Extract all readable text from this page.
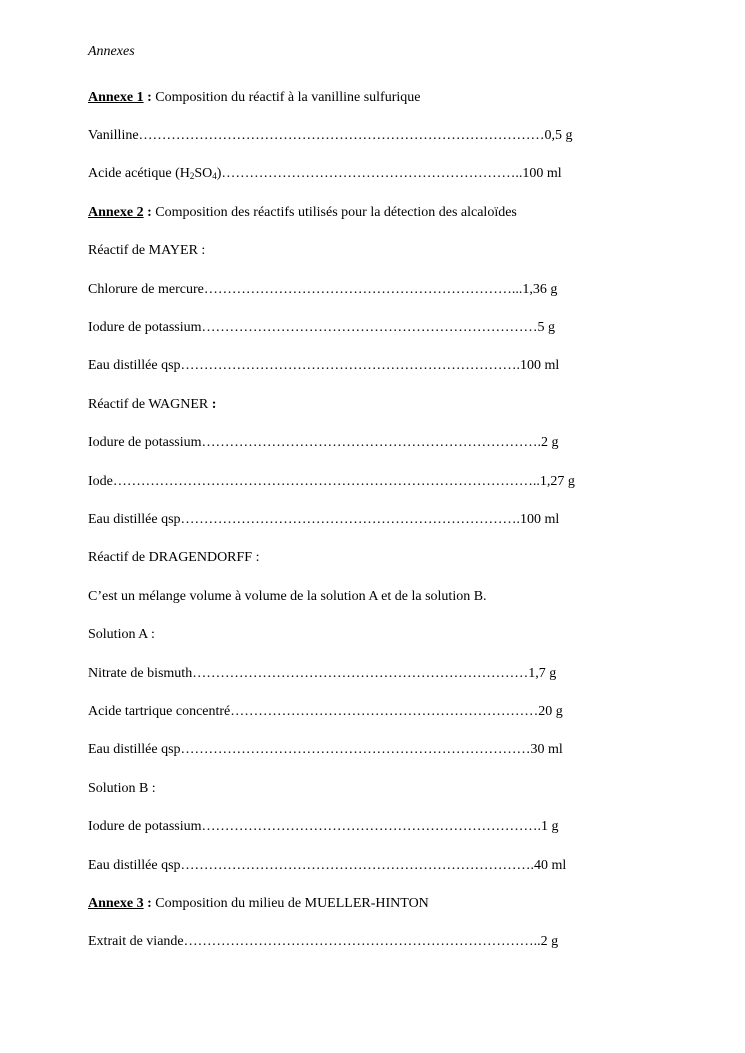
Annexes
Annexe 1 : Composition du réactif à la vanilline sulfurique
Vanilline……………………………………………………………………………0,5 g
Acide acétique $(H_2SO_4)\dots\dots\dots\dots\dots\dots\dots\dots\dots\dots\dots\dots\dots\dots\dots\dots\dots\dots\dots\dots\dots..100$ ml
Annexe 2 : Composition des réactifs utilisés pour la détection des alcaloïdes
Réactif de MAYER :
Chlorure de mercure…………………………………………………………...1,36 g
Iodure de potassium………………………………………………………………5 g
Eau distillée qsp……………………………………………………………….100 ml
Réactif de WAGNER :
Iodure de potassium……………………………………………………………….2 g
Iode………………………………………………………………………………..1,27 g
Eau distillée qsp……………………………………………………………….100 ml
Réactif de DRAGENDORFF :
C’est un mélange volume à volume de la solution A et de la solution B.
Solution A :
Nitrate de bismuth………………………………………………………………1,7 g
Acide tartrique concentré…………………………………………………………20 g
Eau distillée qsp…………………………………………………………………30 ml
Solution B :
Iodure de potassium……………………………………………………………….1 g
Eau distillée qsp………………………………………………………………….40 ml
Annexe 3 : Composition du milieu de MUELLER-HINTON
Extrait de viande…………………………………………………………………..2 g
